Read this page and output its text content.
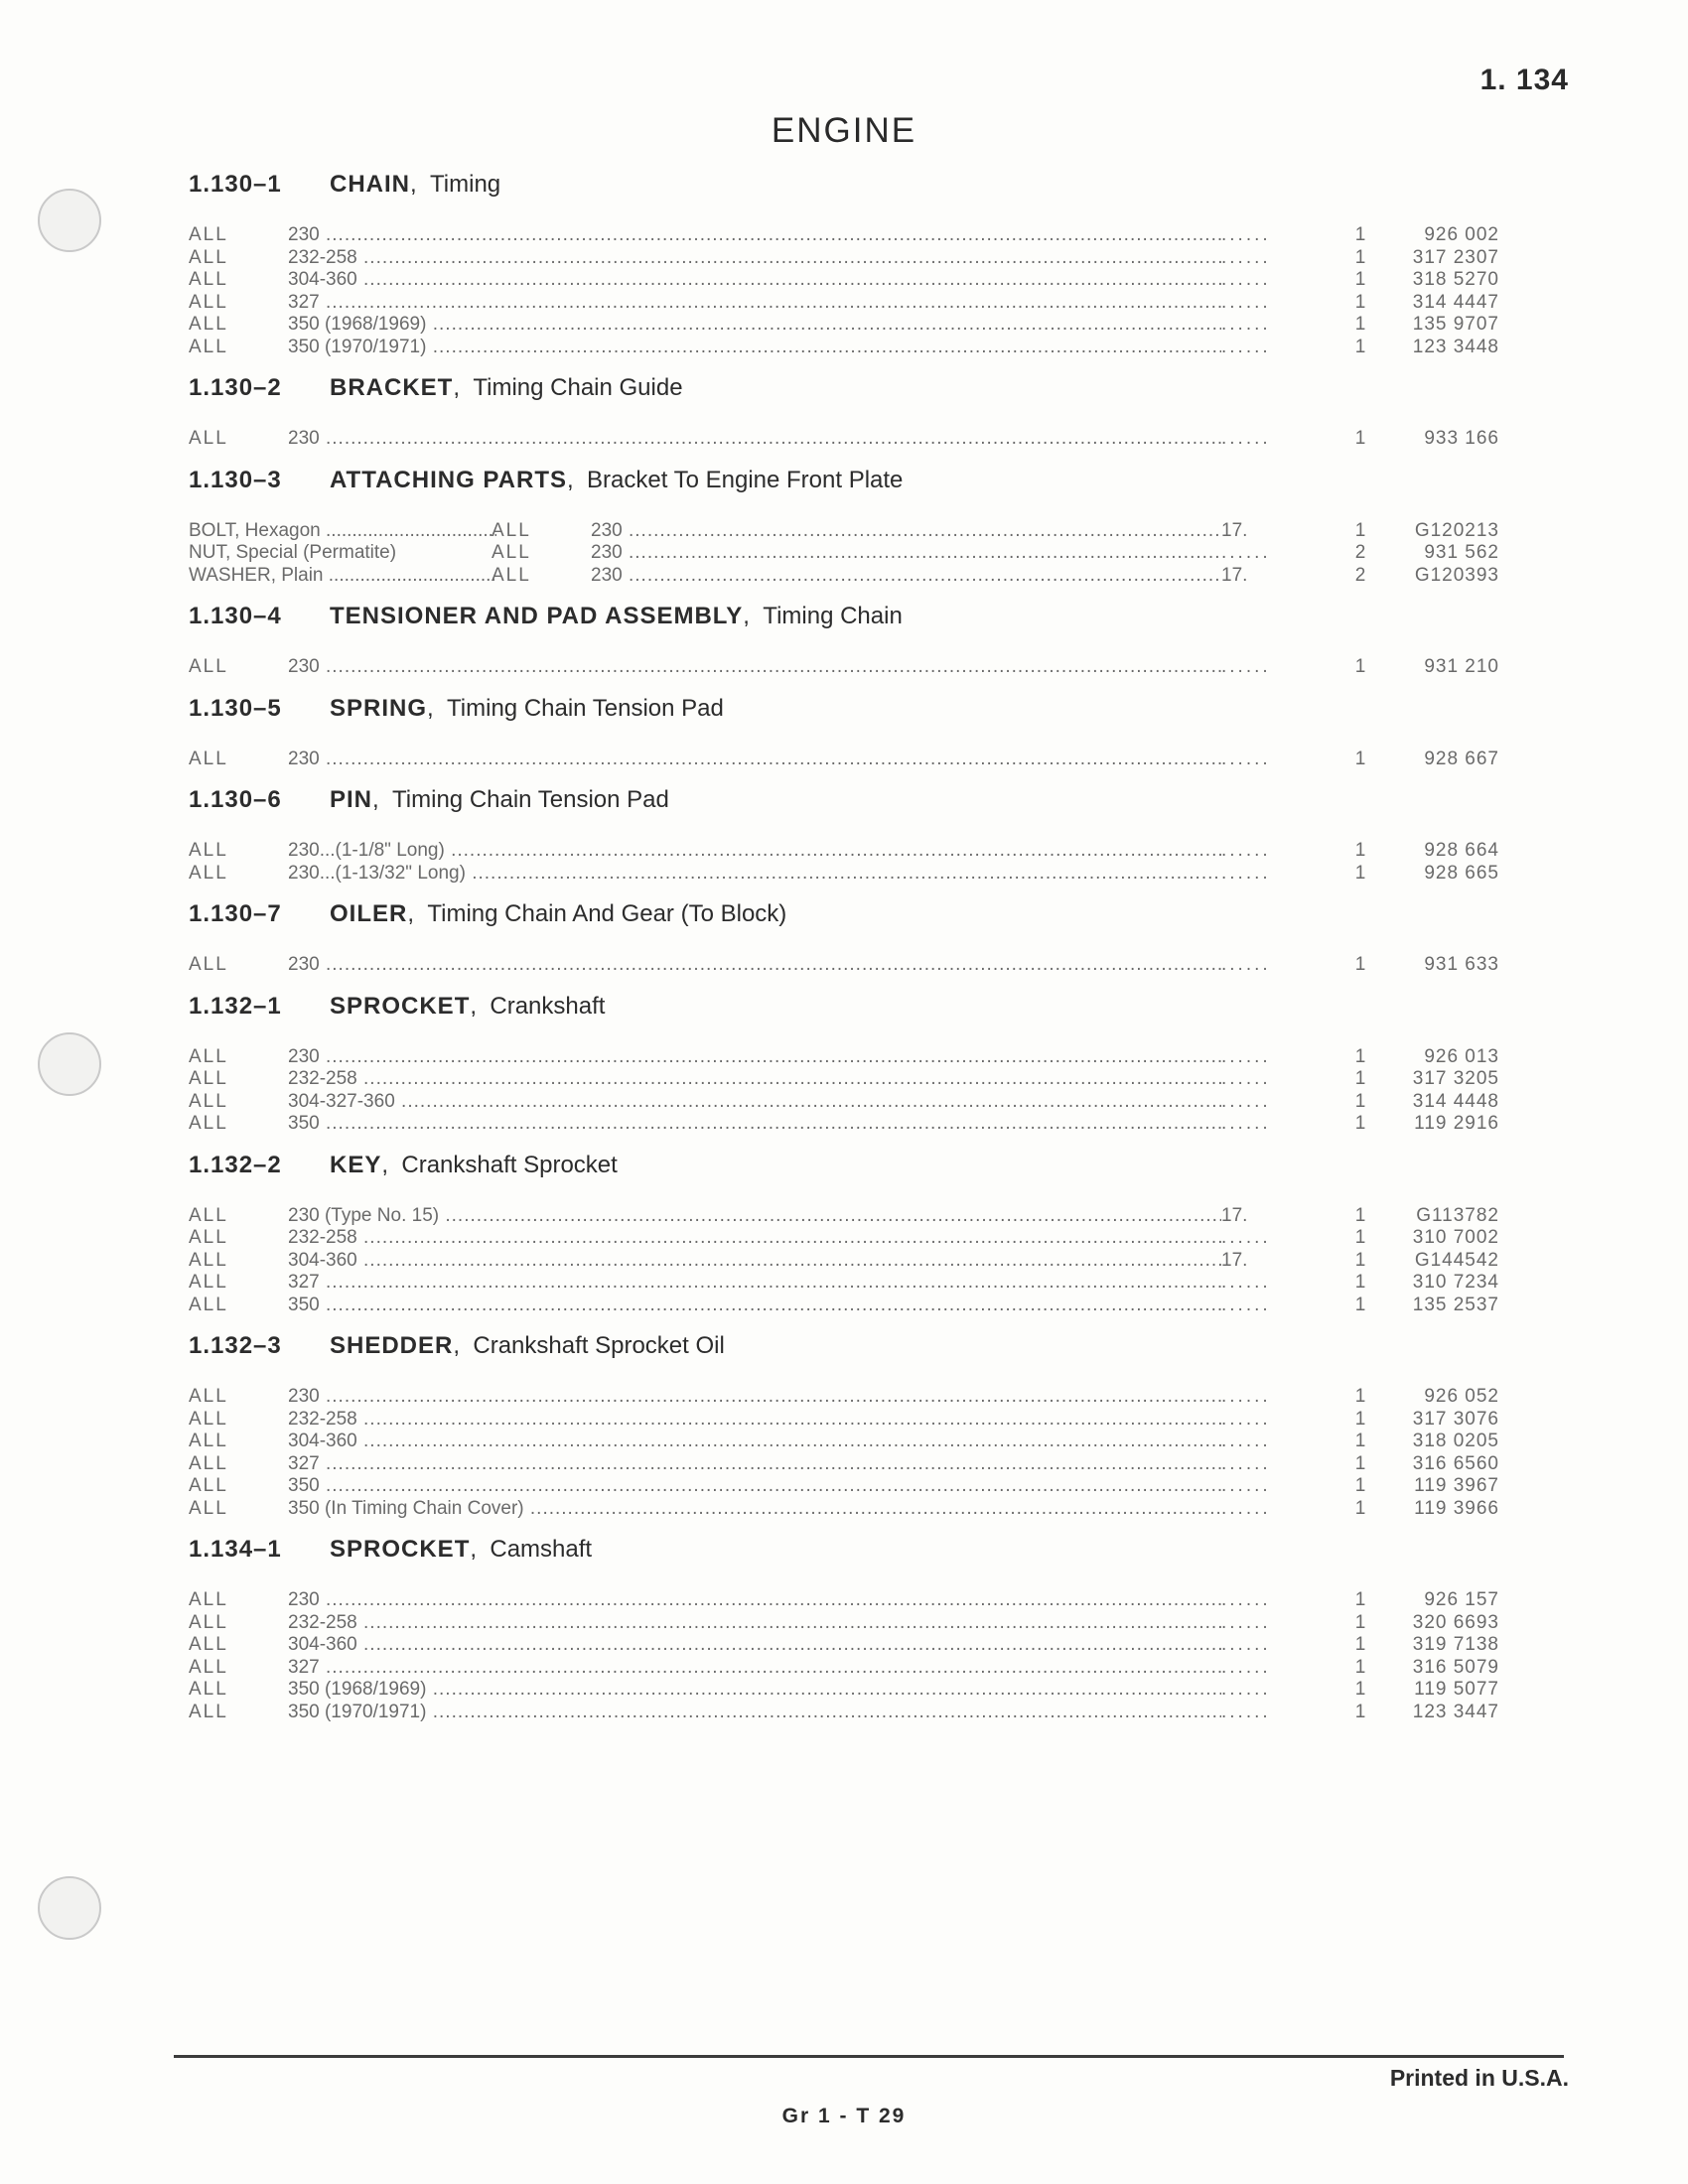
1. 134
ENGINE
1.130–1	CHAIN , Timing
ALL	230 .....	......	1	926 002
ALL	232-258 .....	......	1	317 2307
ALL	304-360 .....	......	1	318 5270
ALL	327 .....	......	1	314 4447
ALL	350 (1968/1969) .....	......	1	135 9707
ALL	350 (1970/1971) .....	......	1	123 3448
1.130–2	BRACKET , Timing Chain Guide
ALL	230 .....	......	1	933 166
1.130–3	ATTACHING PARTS , Bracket To Engine Front Plate
BOLT, Hexagon .....	ALL	230 .....	17.	1	G120213
NUT, Special (Permatite)	ALL	230 .....	......	2	931 562
WASHER, Plain .....	ALL	230 .....	17.	2	G120393
1.130–4	TENSIONER AND PAD ASSEMBLY , Timing Chain
ALL	230 .....	......	1	931 210
1.130–5	SPRING , Timing Chain Tension Pad
ALL	230 .....	......	1	928 667
1.130–6	PIN , Timing Chain Tension Pad
ALL	230...(1-1/8" Long) .....	......	1	928 664
ALL	230...(1-13/32" Long) .....	......	1	928 665
1.130–7	OILER , Timing Chain And Gear (To Block)
ALL	230 .....	......	1	931 633
1.132–1	SPROCKET , Crankshaft
ALL	230 .....	......	1	926 013
ALL	232-258 .....	......	1	317 3205
ALL	304-327-360 .....	......	1	314 4448
ALL	350 .....	......	1	119 2916
1.132–2	KEY , Crankshaft Sprocket
ALL	230 (Type No. 15) .....	17.	1	G113782
ALL	232-258 .....	......	1	310 7002
ALL	304-360 .....	17.	1	G144542
ALL	327 .....	......	1	310 7234
ALL	350 .....	......	1	135 2537
1.132–3	SHEDDER , Crankshaft Sprocket Oil
ALL	230 .....	......	1	926 052
ALL	232-258 .....	......	1	317 3076
ALL	304-360 .....	......	1	318 0205
ALL	327 .....	......	1	316 6560
ALL	350 .....	......	1	119 3967
ALL	350 (In Timing Chain Cover) .....	......	1	119 3966
1.134–1	SPROCKET , Camshaft
ALL	230 .....	......	1	926 157
ALL	232-258 .....	......	1	320 6693
ALL	304-360 .....	......	1	319 7138
ALL	327 .....	......	1	316 5079
ALL	350 (1968/1969) .....	......	1	119 5077
ALL	350 (1970/1971) .....	......	1	123 3447
Printed in U.S.A.
Gr 1 - T 29
